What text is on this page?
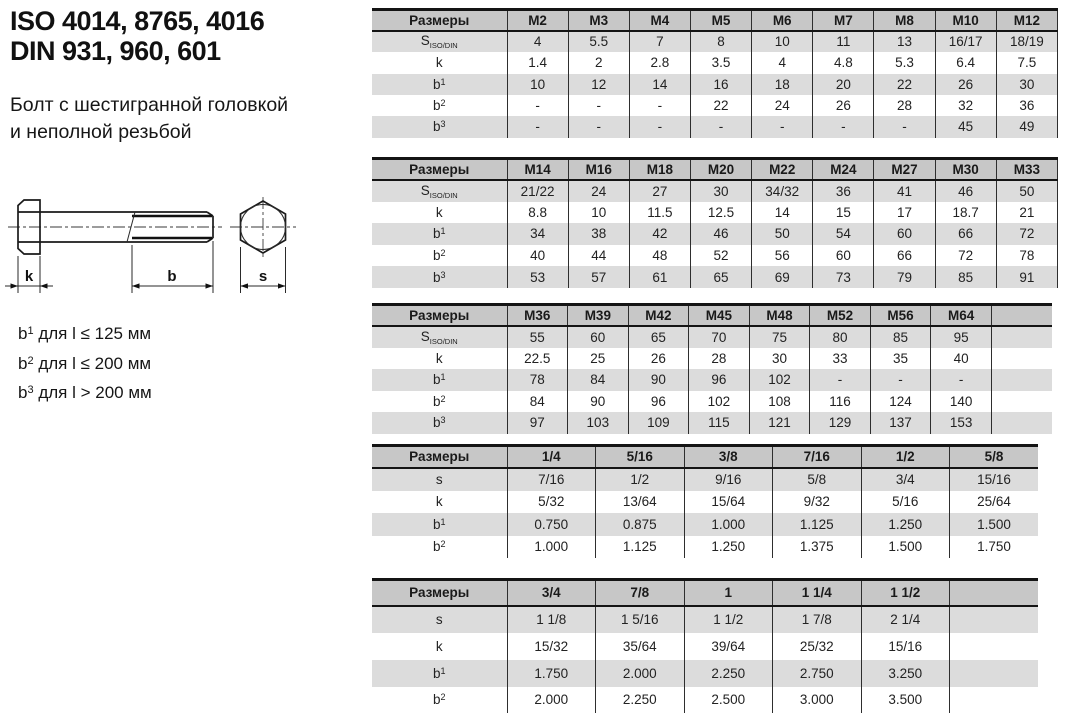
ISO 4014, 8765, 4016
DIN 931, 960, 601
Болт с шестигранной головкой
и неполной резьбой
k	b	s
$b^1$ для l ≤ 125 мм
$b^2$ для l ≤ 200 мм
$b^3$ для l > 200 мм
Размеры	M2	M3	M4	M5	M6	M7	M8	M10	M12
$S_{ISO/DIN}$	4	5.5	7	8	10	11	13	16/17	18/19
k	1.4	2	2.8	3.5	4	4.8	5.3	6.4	7.5
$b^1$	10	12	14	16	18	20	22	26	30
$b^2$	-	-	-	22	24	26	28	32	36
$b^3$	-	-	-	-	-	-	-	45	49
Размеры	M14	M16	M18	M20	M22	M24	M27	M30	M33
$S_{ISO/DIN}$	21/22	24	27	30	34/32	36	41	46	50
k	8.8	10	11.5	12.5	14	15	17	18.7	21
$b^1$	34	38	42	46	50	54	60	66	72
$b^2$	40	44	48	52	56	60	66	72	78
$b^3$	53	57	61	65	69	73	79	85	91
Размеры	M36	M39	M42	M45	M48	M52	M56	M64	
$S_{ISO/DIN}$	55	60	65	70	75	80	85	95	
k	22.5	25	26	28	30	33	35	40	
$b^1$	78	84	90	96	102	-	-	-	
$b^2$	84	90	96	102	108	116	124	140	
$b^3$	97	103	109	115	121	129	137	153	
Размеры	1/4	5/16	3/8	7/16	1/2	5/8
s	7/16	1/2	9/16	5/8	3/4	15/16
k	5/32	13/64	15/64	9/32	5/16	25/64
$b^1$	0.750	0.875	1.000	1.125	1.250	1.500
$b^2$	1.000	1.125	1.250	1.375	1.500	1.750
Размеры	3/4	7/8	1	1 1/4	1 1/2	
s	1 1/8	1 5/16	1 1/2	1 7/8	2 1/4	
k	15/32	35/64	39/64	25/32	15/16	
$b^1$	1.750	2.000	2.250	2.750	3.250	
$b^2$	2.000	2.250	2.500	3.000	3.500	
